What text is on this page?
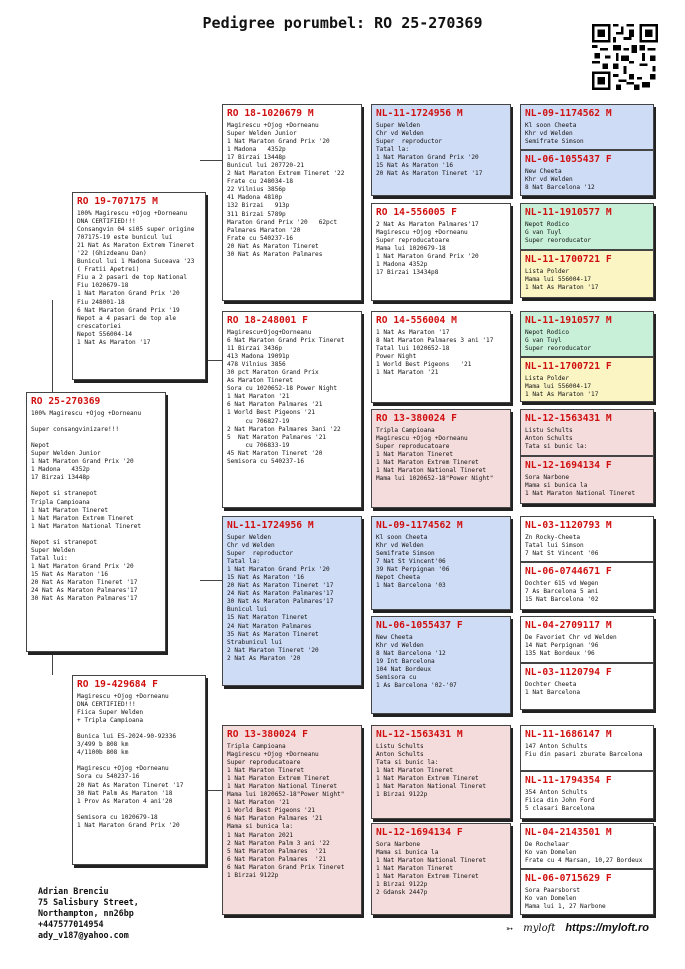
Pedigree porumbel: RO 25-270369
RO 25-270369
100% Magirescu +Ojog +Dorneanu

Super consangvinizare!!!

Nepot
Super Welden Junior
1 Nat Maraton Grand Prix '20
1 Madona   4352p
17 Birzai 13448p

Nepot si stranepot
Tripla Campioana
1 Nat Maraton Tineret
1 Nat Maraton Extrem Tineret
1 Nat Maraton National Tineret

Nepot si stranepot
Super Welden
Tatal lui:
1 Nat Maraton Grand Prix '20
15 Nat As Maraton '16
20 Nat As Maraton Tineret '17
24 Nat As Maraton Palmares'17
30 Nat As Maraton Palmares'17
RO 19-707175 M
100% Magirescu +Ojog +Dorneanu
DNA CERTIFIED!!!
Consangvin 04 si05 super origine
707175-19 este bunicul lui
21 Nat As Maraton Extrem Tineret
'22 (Ghizdeanu Dan)
Bunicul lui 1 Madona Suceava '23
( Fratii Apetrei)
Fiu a 2 pasari de top National
Fiu 1020679-18
1 Nat Maraton Grand Prix '20
Fiu 248001-18
6 Nat Maraton Grand Prix '19
Nepot a 4 pasari de top ale
crescatoriei
Nepot 556004-14
1 Nat As Maraton '17
RO 19-429684 F
Magirescu +Ojog +Dorneanu
DNA CERTIFIED!!!
Fiica Super Welden
+ Tripla Campioana

Bunica lui ES-2024-90-92336
3/499 b 808 km
4/1100b 808 km

Magirescu +Ojog +Dorneanu
Sora cu 540237-16
20 Nat As Maraton Tineret '17
30 Nat Palm As Maraton '18
1 Prov As Maraton 4 ani'20

Semisora cu 1020679-18
1 Nat Maraton Grand Prix '20
RO 18-1020679 M
Magirescu +Ojog +Dorneanu
Super Welden Junior
1 Nat Maraton Grand Prix '20
1 Madona   4352p
17 Birzai 13448p
Bunicul lui 207720-21
2 Nat Maraton Extrem Tineret '22
Frate cu 248034-18
22 Vilnius 3856p
41 Madona 4810p
132 Birzai   913p
311 Birzai 5789p
Maraton Grand Prix '20   62pct
Palmares Maraton '20
Frate cu 540237-16
20 Nat As Maraton Tineret
30 Nat As Maraton Palmares
RO 18-248001 F
Magirescu+Ojog+Dorneanu
6 Nat Maraton Grand Prix Tineret
11 Birzai 3436p
413 Madona 19091p
478 Vilnius 3856
30 pct Maraton Grand Prix
As Maraton Tineret
Sora cu 1020652-18 Power Night
1 Nat Maraton '21
6 Nat Maraton Palmares '21
1 World Best Pigeons '21
cu 706827-19
2 Nat Maraton Palmares 3ani '22
5  Nat Maraton Palmares '21
cu 706833-19
45 Nat Maraton Tineret '20
Semisora cu 540237-16
NL-11-1724956 M
Super Welden
Chr vd Welden
Super  reproductor
Tatal la:
1 Nat Maraton Grand Prix '20
15 Nat As Maraton '16
20 Nat As Maraton Tineret '17
24 Nat As Maraton Palmares'17
30 Nat As Maraton Palmares'17
Bunicul lui
15 Nat Maraton Tineret
24 Nat Maraton Palmares
35 Nat As Maraton Tineret
Strabunicul lui
2 Nat Maraton Tineret '20
2 Nat As Maraton '20
RO 13-380024 F
Tripla Campioana
Magirescu +Ojog +Dorneanu
Super reproducatoare
1 Nat Maraton Tineret
1 Nat Maraton Extrem Tineret
1 Nat Maraton National Tineret
Mama lui 1020652-18"Power Night"
1 Nat Maraton '21
1 World Best Pigeons '21
6 Nat Maraton Palmares '21
Mama si bunica la:
1 Nat Maraton 2021
2 Nat Maraton Palm 3 ani '22
5 Nat Maraton Palmares  '21
6 Nat Maraton Palmares  '21
6 Nat Maraton Grand Prix Tineret
1 Birzai 9122p
NL-11-1724956 M
Super Welden
Chr vd Welden
Super  reproductor
Tatal la:
1 Nat Maraton Grand Prix '20
15 Nat As Maraton '16
20 Nat As Maraton Tineret '17
RO 14-556005 F
2 Nat As Maraton Palmares'17
Magirescu +Ojog +Dorneanu
Super reproducatoare
Mama lui 1020679-18
1 Nat Maraton Grand Prix '20
1 Madona 4352p
17 Birzai 13434p8
RO 14-556004 M
1 Nat As Maraton '17
8 Nat Maraton Palmares 3 ani '17
Tatal lui 1020652-18
Power Night
1 World Best Pigeons   '21
1 Nat Maraton '21
RO 13-380024 F
Tripla Campioana
Magirescu +Ojog +Dorneanu
Super reproducatoare
1 Nat Maraton Tineret
1 Nat Maraton Extrem Tineret
1 Nat Maraton National Tineret
Mama lui 1020652-18"Power Night"
NL-09-1174562 M
Kl soon Cheeta
Khr vd Welden
Semifrate Simson
7 Nat St Vincent'06
39 Nat Perpignan '06
Nepot Cheeta
1 Nat Barcelona '03
NL-06-1055437 F
New Cheeta
Khr vd Welden
8 Nat Barcelona '12
19 Int Barcelona
104 Nat Bordeux
Semisora cu
1 As Barcelona '02-'07
NL-12-1563431 M
Listu Schults
Anton Schults
Tata si bunic la:
1 Nat Maraton Tineret
1 Nat Maraton Extrem Tineret
1 Nat Maraton National Tineret
1 Birzai 9122p
NL-12-1694134 F
Sora Narbone
Mama si bunica la
1 Nat Maraton National Tineret
1 Nat Maraton Tineret
1 Nat Maraton Extrem Tineret
1 Birzai 9122p
2 Gdansk 2447p
NL-09-1174562 M
Kl soon Cheeta
Khr vd Welden
Semifrate Simson
NL-06-1055437 F
New Cheeta
Khr vd Welden
8 Nat Barcelona '12
NL-11-1910577 M
Nepot Rodico
G van Tuyl
Super reoroducator
NL-11-1700721 F
Lista Polder
Mama lui 556004-17
1 Nat As Maraton '17
NL-11-1910577 M
Nepot Rodico
G van Tuyl
Super reoroducator
NL-11-1700721 F
Lista Polder
Mama lui 556004-17
1 Nat As Maraton '17
NL-12-1563431 M
Listu Schults
Anton Schults
Tata si bunic la:
NL-12-1694134 F
Sora Narbone
Mama si bunica la
1 Nat Maraton National Tineret
NL-03-1120793 M
Zn Rocky-Cheeta
Tatal lui Simson
7 Nat St Vincent '06
NL-06-0744671 F
Dochter 615 vd Wegen
7 As Barcelona 5 ani
15 Nat Barcelona '02
NL-04-2709117 M
De Favoriet Chr vd Welden
14 Nat Perpignan '96
135 Nat Bordeux '96
NL-03-1120794 F
Dochter Cheeta
1 Nat Barcelona
NL-11-1686147 M
147 Anton Schults
Fiu din pasari zburate Barcelona
NL-11-1794354 F
354 Anton Schults
Fiica din John Ford
5 clasari Barcelona
NL-04-2143501 M
De Rochelaar
Ko van Domelen
Frate cu 4 Marsan, 10,27 Bordeux
NL-06-0715629 F
Sora Paarsborst
Ko van Domelen
Mama lui 1, 27 Narbone
Adrian Brenciu
75 Salisbury Street,
Northampton, nn26bp
+447577014954
ady_v187@yahoo.com	➳ myloft https://myloft.ro
